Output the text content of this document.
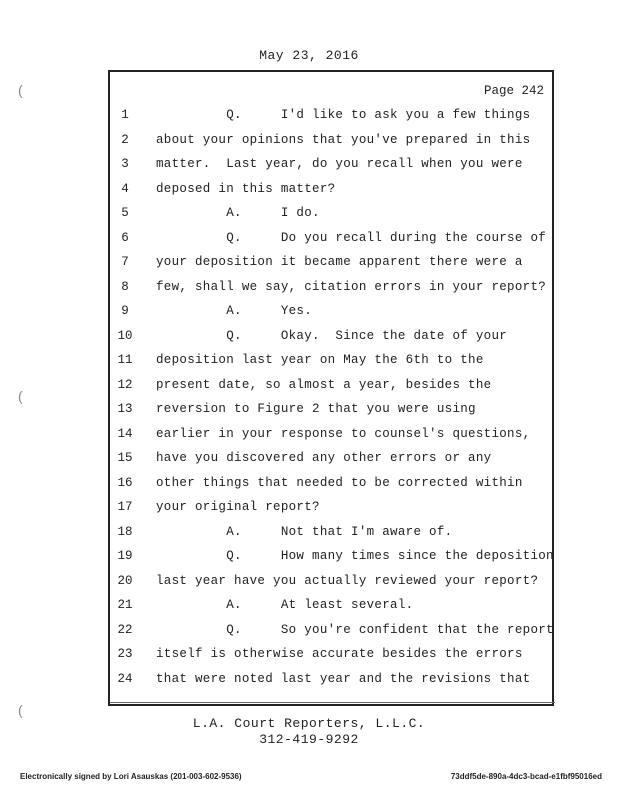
May 23, 2016
Page 242
1	Q.     I'd like to ask you a few things
2	about your opinions that you've prepared in this
3	matter.  Last year, do you recall when you were
4	deposed in this matter?
5	A.     I do.
6	Q.     Do you recall during the course of
7	your deposition it became apparent there were a
8	few, shall we say, citation errors in your report?
9	A.     Yes.
10	Q.     Okay.  Since the date of your
11	deposition last year on May the 6th to the
12	present date, so almost a year, besides the
13	reversion to Figure 2 that you were using
14	earlier in your response to counsel's questions,
15	have you discovered any other errors or any
16	other things that needed to be corrected within
17	your original report?
18	A.     Not that I'm aware of.
19	Q.     How many times since the deposition
20	last year have you actually reviewed your report?
21	A.     At least several.
22	Q.     So you're confident that the report
23	itself is otherwise accurate besides the errors
24	that were noted last year and the revisions that
L.A. Court Reporters, L.L.C.
312-419-9292
Electronically signed by Lori Asauskas (201-003-602-9536)	73ddf5de-890a-4dc3-bcad-e1fbf95016ed
(
(
(
